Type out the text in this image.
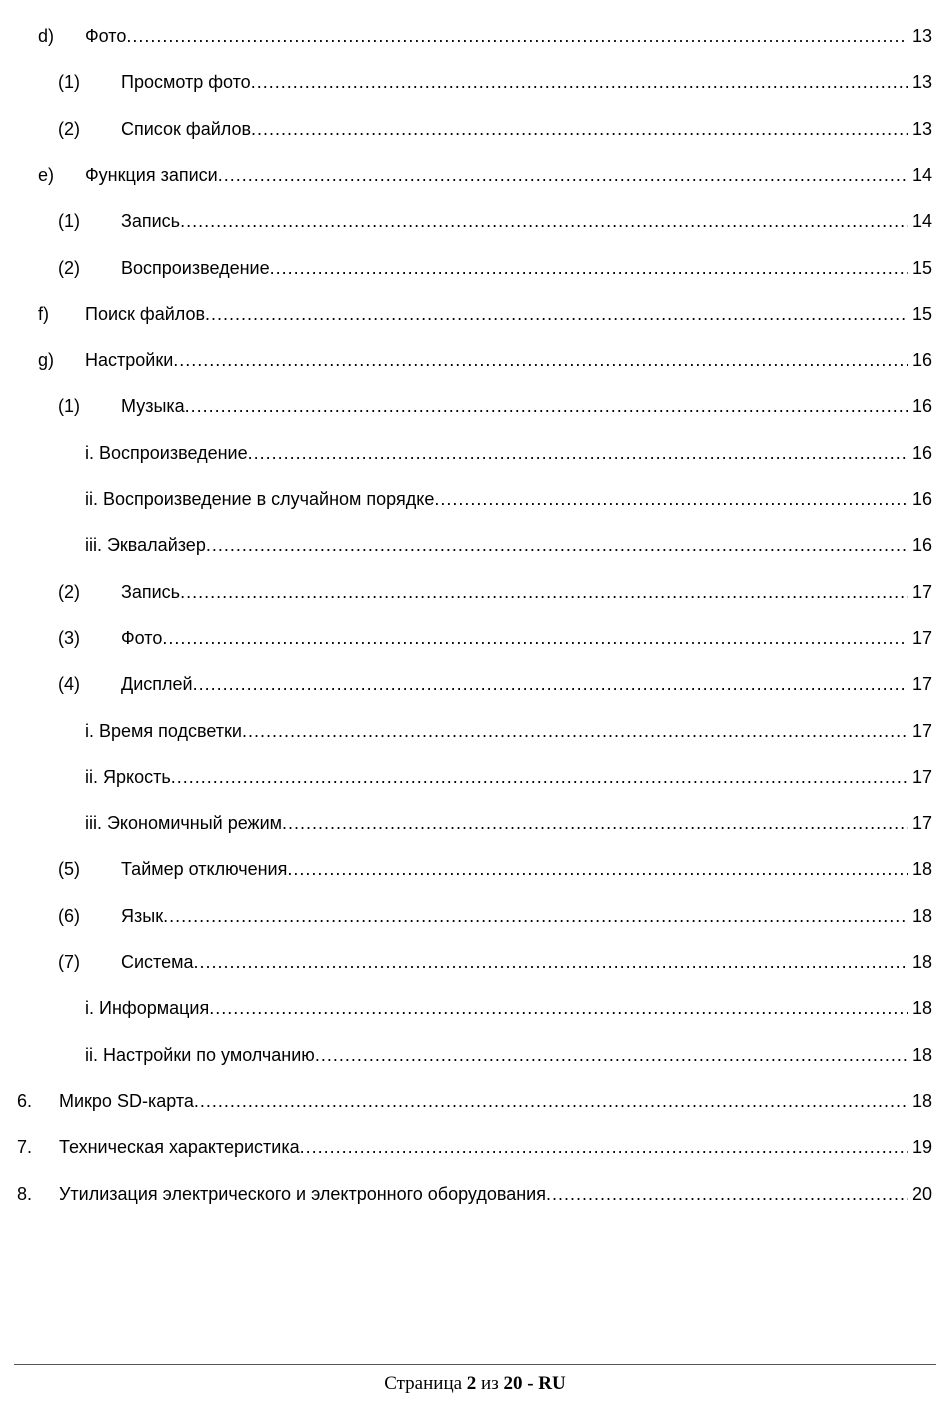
d) Фото .....	13
(1) Просмотр фото .....	13
(2) Список файлов .....	13
e) Функция записи .....	14
(1) Запись .....	14
(2) Воспроизведение .....	15
f) Поиск файлов .....	15
g) Настройки .....	16
(1) Музыка .....	16
i. Воспроизведение .....	16
ii. Воспроизведение в случайном порядке .....	16
iii. Эквалайзер .....	16
(2) Запись .....	17
(3) Фото .....	17
(4) Дисплей .....	17
i. Время подсветки .....	17
ii. Яркость .....	17
iii. Экономичный режим .....	17
(5) Таймер отключения .....	18
(6) Язык .....	18
(7) Система .....	18
i. Информация .....	18
ii. Настройки по умолчанию .....	18
6. Микро SD-карта .....	18
7. Техническая характеристика .....	19
8. Утилизация электрического и электронного оборудования .....	20
Страница 2 из 20 - RU
